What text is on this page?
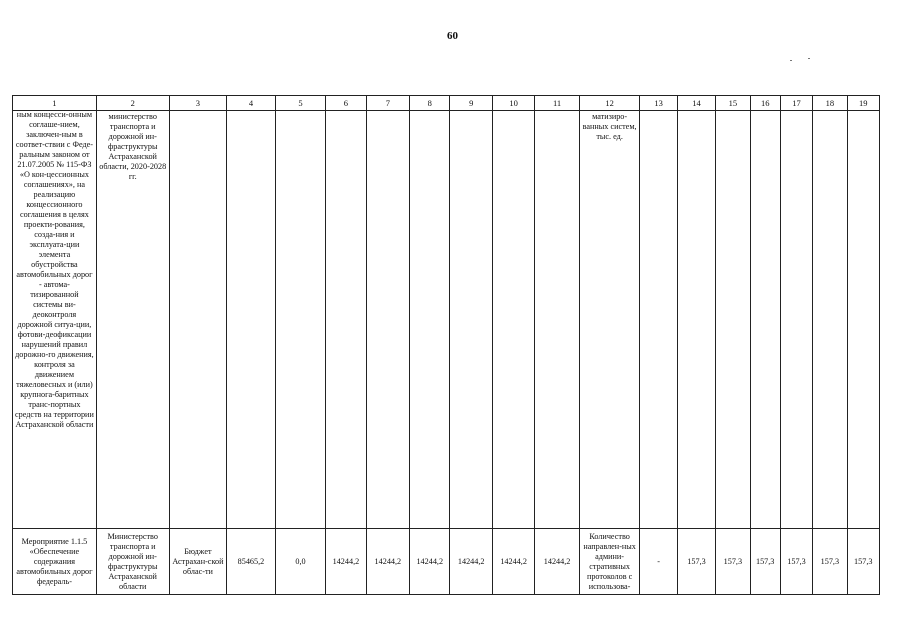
60
1	2	3	4	5	6	7	8	9	10	11	12	13	14	15	16	17	18	19

ным концесси-онным соглаше-нием, заключен-ным в соответ-ствии с Феде-ральным законом от 21.07.2005 № 115-ФЗ «О кон-цессионных соглашениях», на реализацию концессионного соглашения в целях проекти-рования, созда-ния и эксплуата-ции элемента обустройства автомобильных дорог - автома-тизированной системы ви-деоконтроля дорожной ситуа-ции, фотови-деофиксации нарушений правил дорожно-го движения, контроля за движением тяжеловесных и (или) крупнога-баритных транс-портных средств на территории Астраханской области	министерство транспорта и дорожной ин-фраструктуры Астраханской области, 2020-2028 гг.										матизиро-ванных систем, тыс. ед.							
Мероприятие 1.1.5 «Обеспечение содержания автомобильных дорог федераль-	Министерство транспорта и дорожной ин-фраструктуры Астраханской области	Бюджет Астрахан-ской облас-ти	85465,2	0,0	14244,2	14244,2	14244,2	14244,2	14244,2	14244,2	Количество направлен-ных админи-стративных протоколов с использова-	-	157,3	157,3	157,3	157,3	157,3	157,3
